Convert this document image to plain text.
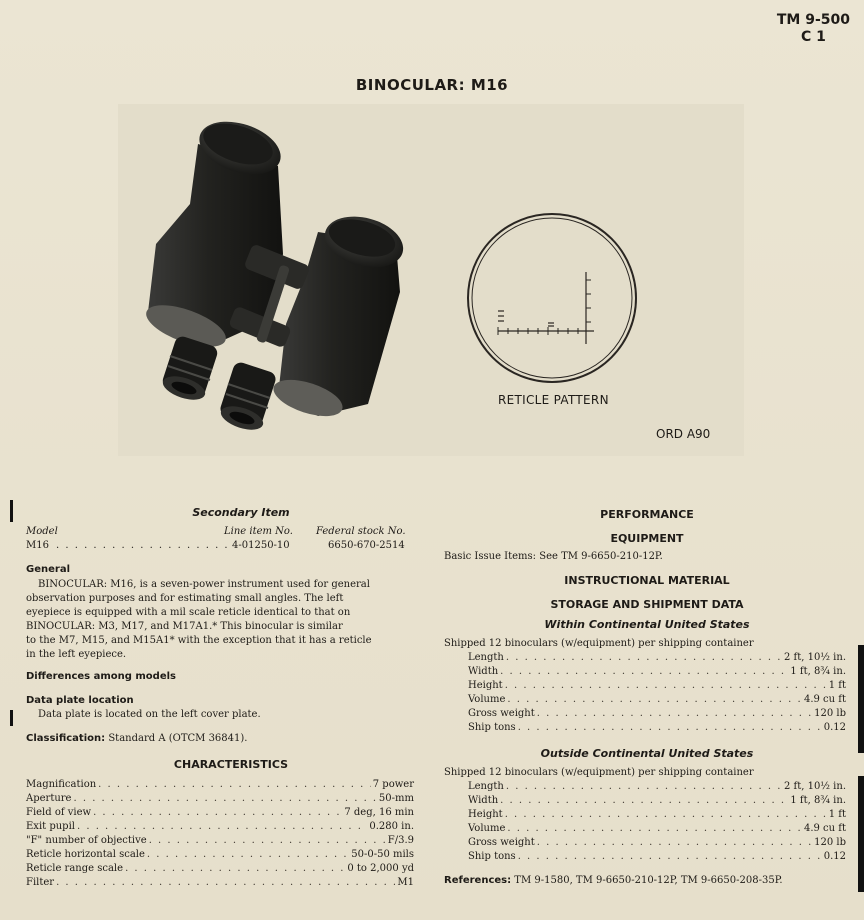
TM 9-500
C 1
BINOCULAR: M16
RETICLE PATTERN
ORD A90
Secondary Item
Model	Line item No. Federal stock No.
M16 . . . . . . . . . . . . . . . . . . . 4-01250-10	6650-670-2514
General
BINOCULAR: M16, is a seven-power instrument used for general
observation purposes and for estimating small angles. The left
eyepiece is equipped with a mil scale reticle identical to that on
BINOCULAR: M3, M17, and M17A1.* This binocular is similar
to the M7, M15, and M15A1* with the exception that it has a reticle
in the left eyepiece.
Differences among models
Data plate location
Data plate is located on the left cover plate.
Classification: Standard A (OTCM 36841).
CHARACTERISTICS
Magnification . . .	7 power
Aperture . . .	50-mm
Field of view . . .	7 deg, 16 min
Exit pupil . . .	0.280 in.
"F" number of objective . . .	F/3.9
Reticle horizontal scale . . .	50-0-50 mils
Reticle range scale . . .	0 to 2,000 yd
Filter . . .	M1
PERFORMANCE
EQUIPMENT
Basic Issue Items: See TM 9-6650-210-12P.
INSTRUCTIONAL MATERIAL
STORAGE AND SHIPMENT DATA
Within Continental United States
Shipped 12 binoculars (w/equipment) per shipping container
Length . . .	2 ft, 10½ in.
Width . . .	1 ft, 8¾ in.
Height . . .	1 ft
Volume . . .	4.9 cu ft
Gross weight . . .	120 lb
Ship tons . . .	0.12
Outside Continental United States
Shipped 12 binoculars (w/equipment) per shipping container
Length . . .	2 ft, 10½ in.
Width . . .	1 ft, 8¾ in.
Height . . .	1 ft
Volume . . .	4.9 cu ft
Gross weight . . .	120 lb
Ship tons . . .	0.12
References: TM 9-1580, TM 9-6650-210-12P, TM 9-6650-208-35P.
